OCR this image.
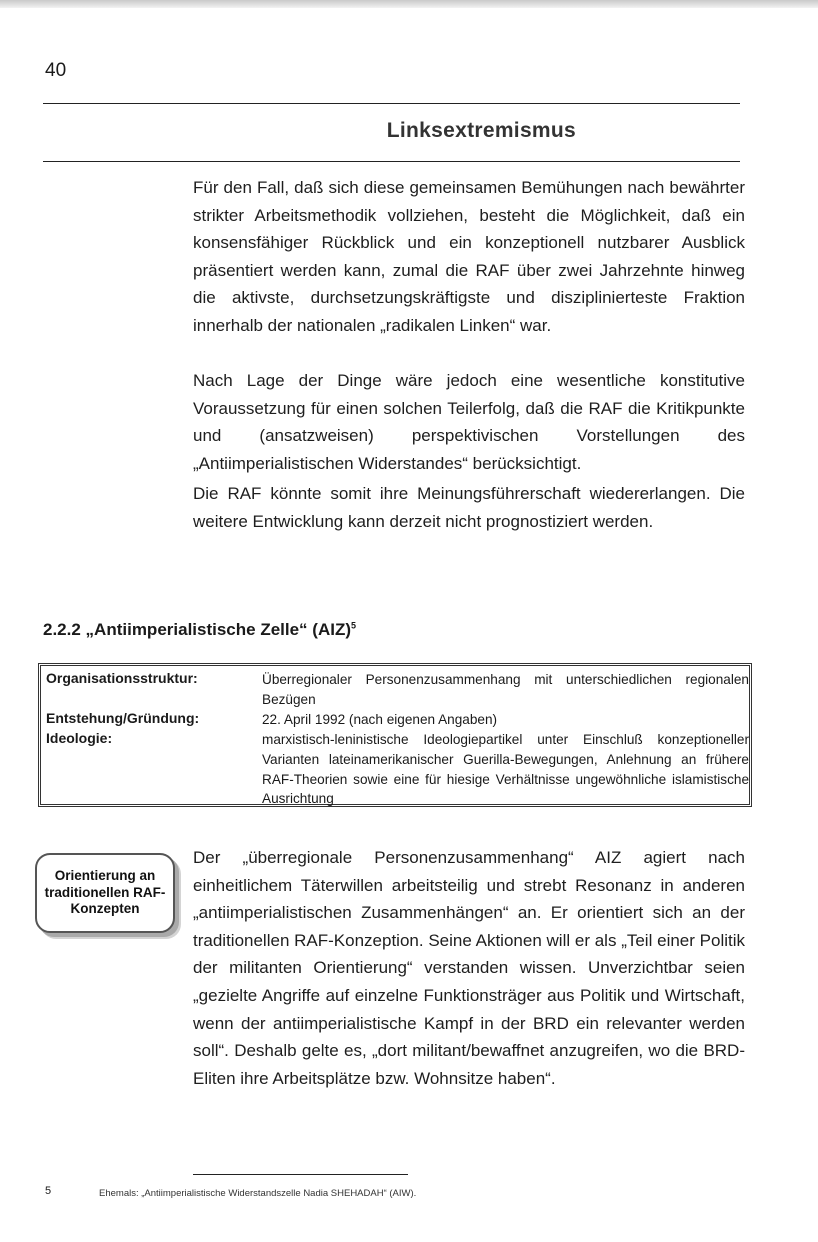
40
Linksextremismus

Für den Fall, daß sich diese gemeinsamen Bemühungen nach bewährter strikter Arbeitsmethodik vollziehen, besteht die Möglichkeit, daß ein konsensfähiger Rückblick und ein konzeptionell nutzbarer Ausblick präsentiert werden kann, zumal die RAF über zwei Jahrzehnte hinweg die aktivste, durchsetzungskräftigste und disziplinierteste Fraktion innerhalb der nationalen „radikalen Linken“ war.

Nach Lage der Dinge wäre jedoch eine wesentliche konstitutive Voraussetzung für einen solchen Teilerfolg, daß die RAF die Kritikpunkte und (ansatzweisen) perspektivischen Vorstellungen des „Antiimperialistischen Widerstandes“ berücksichtigt.

Die RAF könnte somit ihre Meinungsführerschaft wiedererlangen. Die weitere Entwicklung kann derzeit nicht prognostiziert werden.

2.2.2 „Antiimperialistische Zelle“ (AIZ)$^5$
Organisationsstruktur:	Überregionaler Personenzusammenhang mit unterschiedlichen regionalen Bezügen
Entstehung/Gründung:	22. April 1992 (nach eigenen Angaben)
Ideologie:	marxistisch-leninistische Ideologiepartikel unter Einschluß konzeptioneller Varianten lateinamerikanischer Guerilla-Bewegungen, Anlehnung an frühere RAF-Theorien sowie eine für hiesige Verhältnisse ungewöhnliche islamistische Ausrichtung
Orientierung an traditionellen RAF-Konzepten

Der „überregionale Personenzusammenhang“ AIZ agiert nach einheitlichem Täterwillen arbeitsteilig und strebt Resonanz in anderen „antiimperialistischen Zusammenhängen“ an. Er orientiert sich an der traditionellen RAF-Konzeption. Seine Aktionen will er als „Teil einer Politik der militanten Orientierung“ verstanden wissen. Unverzichtbar seien „gezielte Angriffe auf einzelne Funktionsträger aus Politik und Wirtschaft, wenn der antiimperialistische Kampf in der BRD ein relevanter werden soll“. Deshalb gelte es, „dort militant/bewaffnet anzugreifen, wo die BRD-Eliten ihre Arbeitsplätze bzw. Wohnsitze haben“.

5	Ehemals: „Antiimperialistische Widerstandszelle Nadia SHEHADAH“ (AIW).
